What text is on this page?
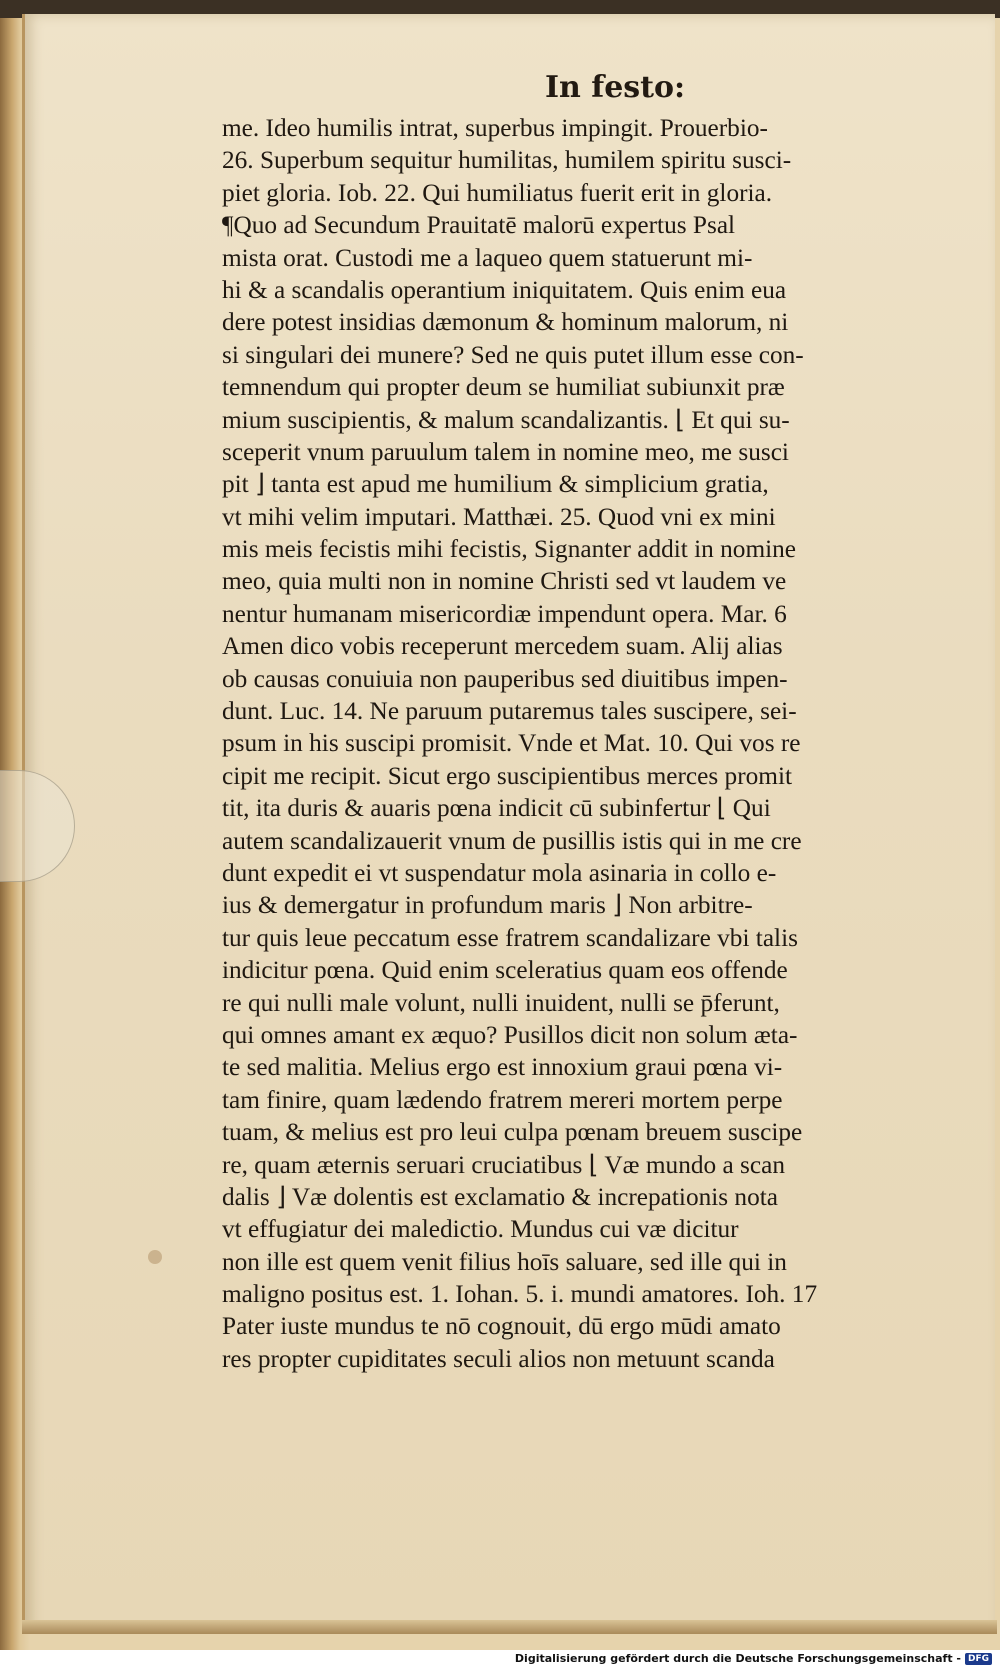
In festo:
me. Ideo humilis intrat, superbus impingit. Prouerbio-
26. Superbum sequitur humilitas, humilem spiritu susci-
piet gloria. Iob. 22. Qui humiliatus fuerit erit in gloria.
¶Quo ad Secundum Prauitatē malorū expertus Psal
mista orat. Custodi me a laqueo quem statuerunt mi-
hi & a scandalis operantium iniquitatem. Quis enim eua
dere potest insidias dæmonum & hominum malorum, ni
si singulari dei munere? Sed ne quis putet illum esse con-
temnendum qui propter deum se humiliat subiunxit præ
mium suscipientis, & malum scandalizantis. ⌊ Et qui su-
sceperit vnum paruulum talem in nomine meo, me susci
pit ⌋ tanta est apud me humilium & simplicium gratia,
vt mihi velim imputari. Matthæi. 25. Quod vni ex mini
mis meis fecistis mihi fecistis, Signanter addit in nomine
meo, quia multi non in nomine Christi sed vt laudem ve
nentur humanam misericordiæ impendunt opera. Mar. 6
Amen dico vobis receperunt mercedem suam. Alij alias
ob causas conuiuia non pauperibus sed diuitibus impen-
dunt. Luc. 14. Ne paruum putaremus tales suscipere, sei-
psum in his suscipi promisit. Vnde et Mat. 10. Qui vos re
cipit me recipit. Sicut ergo suscipientibus merces promit
tit, ita duris & auaris pœna indicit cū subinfertur ⌊ Qui
autem scandalizauerit vnum de pusillis istis qui in me cre
dunt expedit ei vt suspendatur mola asinaria in collo e-
ius & demergatur in profundum maris ⌋ Non arbitre-
tur quis leue peccatum esse fratrem scandalizare vbi talis
indicitur pœna. Quid enim sceleratius quam eos offende
re qui nulli male volunt, nulli inuident, nulli se p̄ferunt,
qui omnes amant ex æquo? Pusillos dicit non solum æta-
te sed malitia. Melius ergo est innoxium graui pœna vi-
tam finire, quam lædendo fratrem mereri mortem perpe
tuam, & melius est pro leui culpa pœnam breuem suscipe
re, quam æternis seruari cruciatibus ⌊ Væ mundo a scan
dalis ⌋ Væ dolentis est exclamatio & increpationis nota
vt effugiatur dei maledictio. Mundus cui væ dicitur
non ille est quem venit filius hoīs saluare, sed ille qui in
maligno positus est. 1. Iohan. 5. i. mundi amatores. Ioh. 17
Pater iuste mundus te nō cognouit, dū ergo mūdi amato
res propter cupiditates seculi alios non metuunt scanda
Digitalisierung gefördert durch die Deutsche Forschungsgemeinschaft - DFG
